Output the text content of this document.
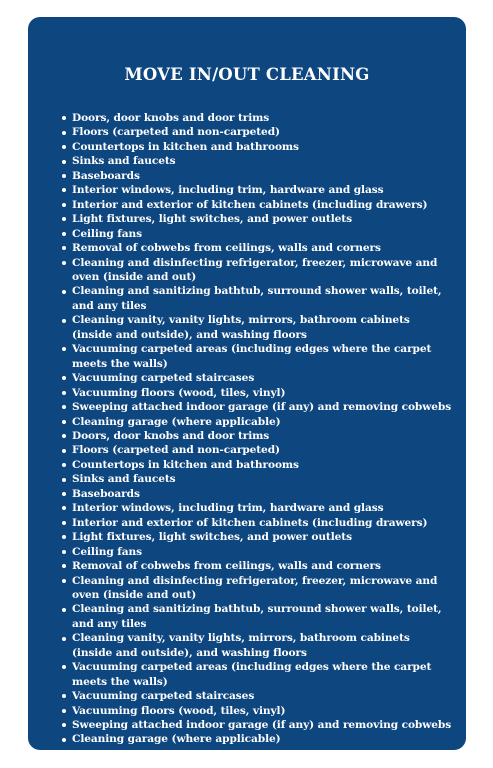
MOVE IN/OUT CLEANING
Doors, door knobs and door trims
Floors (carpeted and non-carpeted)
Countertops in kitchen and bathrooms
Sinks and faucets
Baseboards
Interior windows, including trim, hardware and glass
Interior and exterior of kitchen cabinets (including drawers)
Light fixtures, light switches, and power outlets
Ceiling fans
Removal of cobwebs from ceilings, walls and corners
Cleaning and disinfecting refrigerator, freezer, microwave and oven (inside and out)
Cleaning and sanitizing bathtub, surround shower walls, toilet, and any tiles
Cleaning vanity, vanity lights, mirrors, bathroom cabinets (inside and outside), and washing floors
Vacuuming carpeted areas (including edges where the carpet meets the walls)
Vacuuming carpeted staircases
Vacuuming floors (wood, tiles, vinyl)
Sweeping attached indoor garage (if any) and removing cobwebs
Cleaning garage (where applicable)
Doors, door knobs and door trims
Floors (carpeted and non-carpeted)
Countertops in kitchen and bathrooms
Sinks and faucets
Baseboards
Interior windows, including trim, hardware and glass
Interior and exterior of kitchen cabinets (including drawers)
Light fixtures, light switches, and power outlets
Ceiling fans
Removal of cobwebs from ceilings, walls and corners
Cleaning and disinfecting refrigerator, freezer, microwave and oven (inside and out)
Cleaning and sanitizing bathtub, surround shower walls, toilet, and any tiles
Cleaning vanity, vanity lights, mirrors, bathroom cabinets (inside and outside), and washing floors
Vacuuming carpeted areas (including edges where the carpet meets the walls)
Vacuuming carpeted staircases
Vacuuming floors (wood, tiles, vinyl)
Sweeping attached indoor garage (if any) and removing cobwebs
Cleaning garage (where applicable)
